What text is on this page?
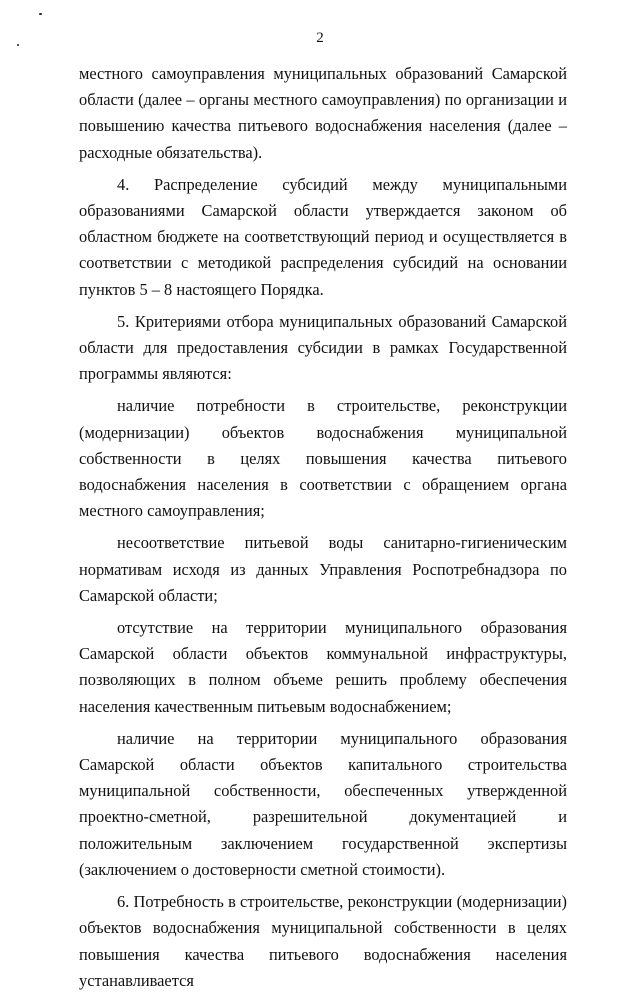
2

местного самоуправления муниципальных образований Самарской области (далее – органы местного самоуправления) по организации и повышению качества питьевого водоснабжения населения (далее – расходные обязательства).

4. Распределение субсидий между муниципальными образованиями Самарской области утверждается законом об областном бюджете на соответствующий период и осуществляется в соответствии с методикой распределения субсидий на основании пунктов 5 – 8 настоящего Порядка.

5. Критериями отбора муниципальных образований Самарской области для предоставления субсидии в рамках Государственной программы являются:

наличие потребности в строительстве, реконструкции (модернизации) объектов водоснабжения муниципальной собственности в целях повышения качества питьевого водоснабжения населения в соответствии с обращением органа местного самоуправления;

несоответствие питьевой воды санитарно-гигиеническим нормативам исходя из данных Управления Роспотребнадзора по Самарской области;

отсутствие на территории муниципального образования Самарской области объектов коммунальной инфраструктуры, позволяющих в полном объеме решить проблему обеспечения населения качественным питьевым водоснабжением;

наличие на территории муниципального образования Самарской области объектов капитального строительства муниципальной собственности, обеспеченных утвержденной проектно-сметной, разрешительной документацией и положительным заключением государственной экспертизы (заключением о достоверности сметной стоимости).

6. Потребность в строительстве, реконструкции (модернизации) объектов водоснабжения муниципальной собственности в целях повышения качества питьевого водоснабжения населения устанавливается
